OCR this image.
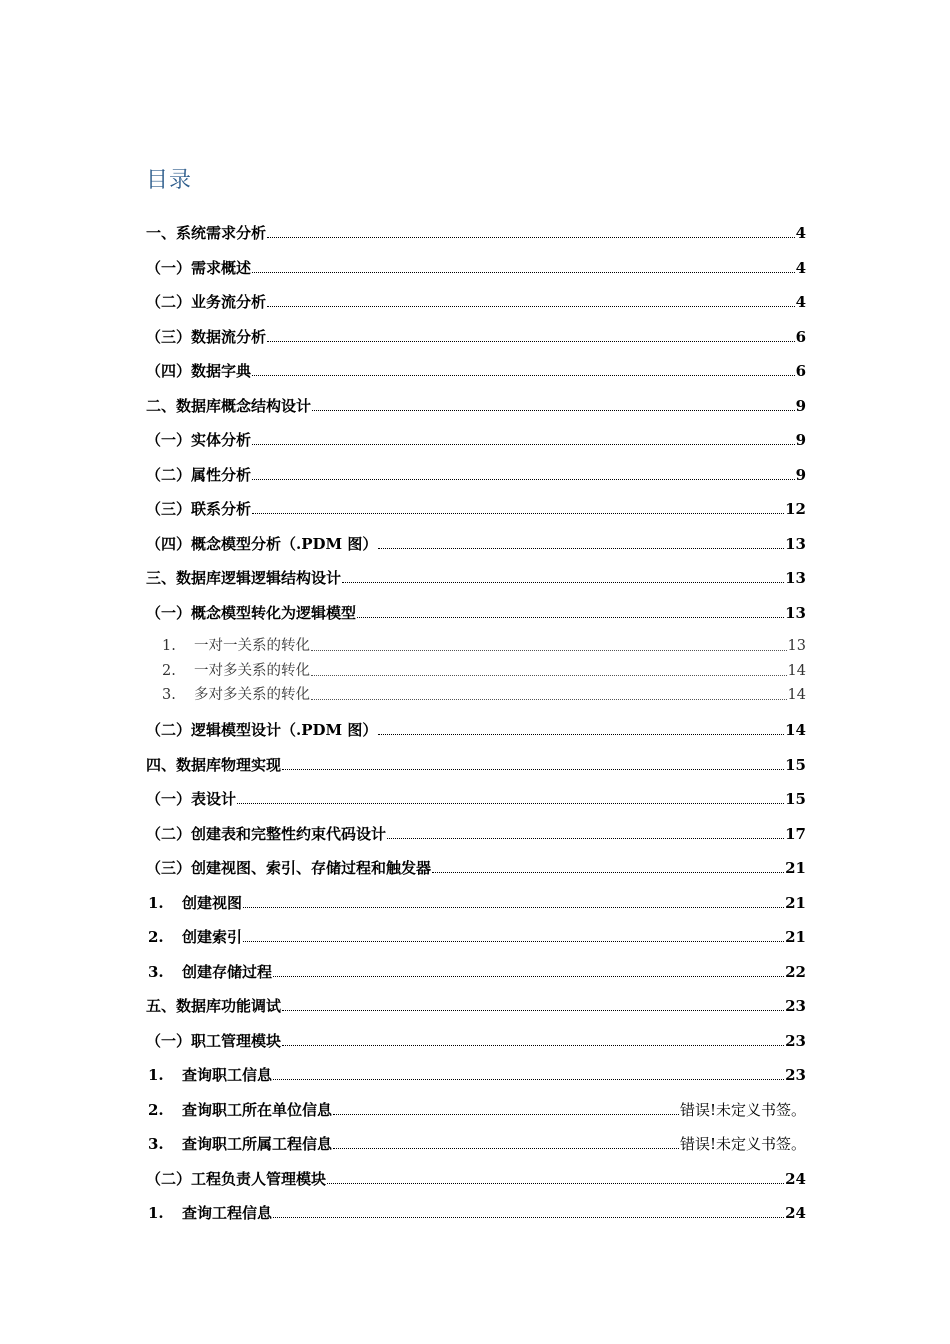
目录
一、系统需求分析	4
（一）需求概述	4
（二）业务流分析	4
（三）数据流分析	6
（四）数据字典	6
二、数据库概念结构设计	9
（一）实体分析	9
（二）属性分析	9
（三）联系分析	12
（四）概念模型分析（.PDM 图）	13
三、数据库逻辑逻辑结构设计	13
（一）概念模型转化为逻辑模型	13
1.	一对一关系的转化	13
2.	一对多关系的转化	14
3.	多对多关系的转化	14
（二）逻辑模型设计（.PDM 图）	14
四、数据库物理实现	15
（一）表设计	15
（二）创建表和完整性约束代码设计	17
（三）创建视图、索引、存储过程和触发器	21
1.	创建视图	21
2.	创建索引	21
3.	创建存储过程	22
五、数据库功能调试	23
（一）职工管理模块	23
1.	查询职工信息	23
2.	查询职工所在单位信息	错误!未定义书签。
3.	查询职工所属工程信息	错误!未定义书签。
（二）工程负责人管理模块	24
1.	查询工程信息	24
